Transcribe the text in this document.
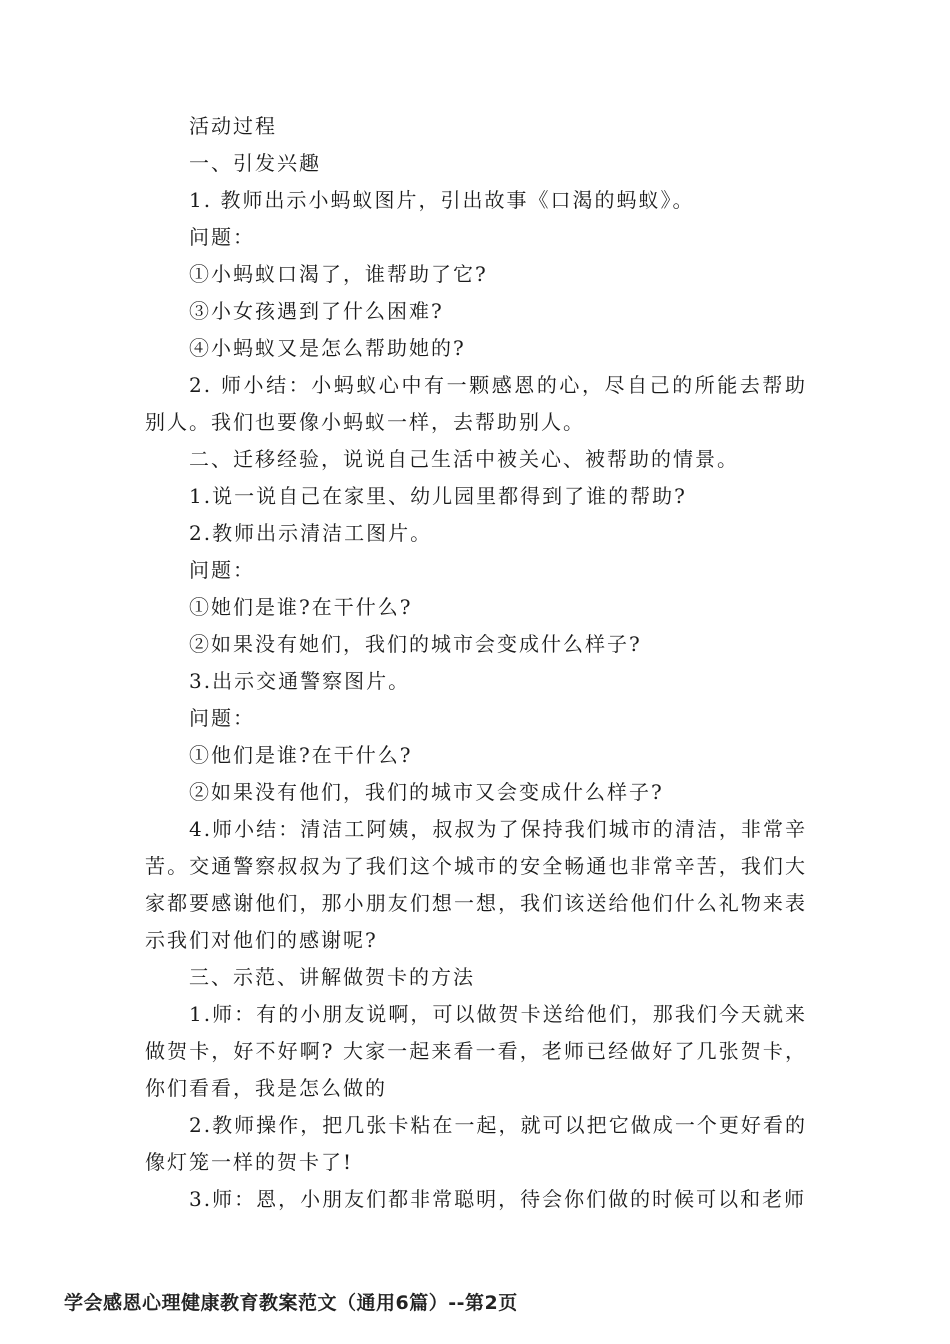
活动过程

一、引发兴趣

1. 教师出示小蚂蚁图片，引出故事《口渴的蚂蚁》。

问题：

①小蚂蚁口渴了，谁帮助了它?

③小女孩遇到了什么困难?

④小蚂蚁又是怎么帮助她的?

2. 师小结：小蚂蚁心中有一颗感恩的心，尽自己的所能去帮助别人。我们也要像小蚂蚁一样，去帮助别人。

二、迁移经验，说说自己生活中被关心、被帮助的情景。

1.说一说自己在家里、幼儿园里都得到了谁的帮助?

2.教师出示清洁工图片。

问题：

①她们是谁?在干什么?

②如果没有她们，我们的城市会变成什么样子?

3.出示交通警察图片。

问题：

①他们是谁?在干什么?

②如果没有他们，我们的城市又会变成什么样子?

4.师小结：清洁工阿姨，叔叔为了保持我们城市的清洁，非常辛苦。交通警察叔叔为了我们这个城市的安全畅通也非常辛苦，我们大家都要感谢他们，那小朋友们想一想，我们该送给他们什么礼物来表示我们对他们的感谢呢?

三、示范、讲解做贺卡的方法

1.师：有的小朋友说啊，可以做贺卡送给他们，那我们今天就来做贺卡，好不好啊? 大家一起来看一看，老师已经做好了几张贺卡，你们看看，我是怎么做的

2.教师操作，把几张卡粘在一起，就可以把它做成一个更好看的像灯笼一样的贺卡了!

3.师：恩，小朋友们都非常聪明，待会你们做的时候可以和老师

学会感恩心理健康教育教案范文（通用6篇）--第2页
